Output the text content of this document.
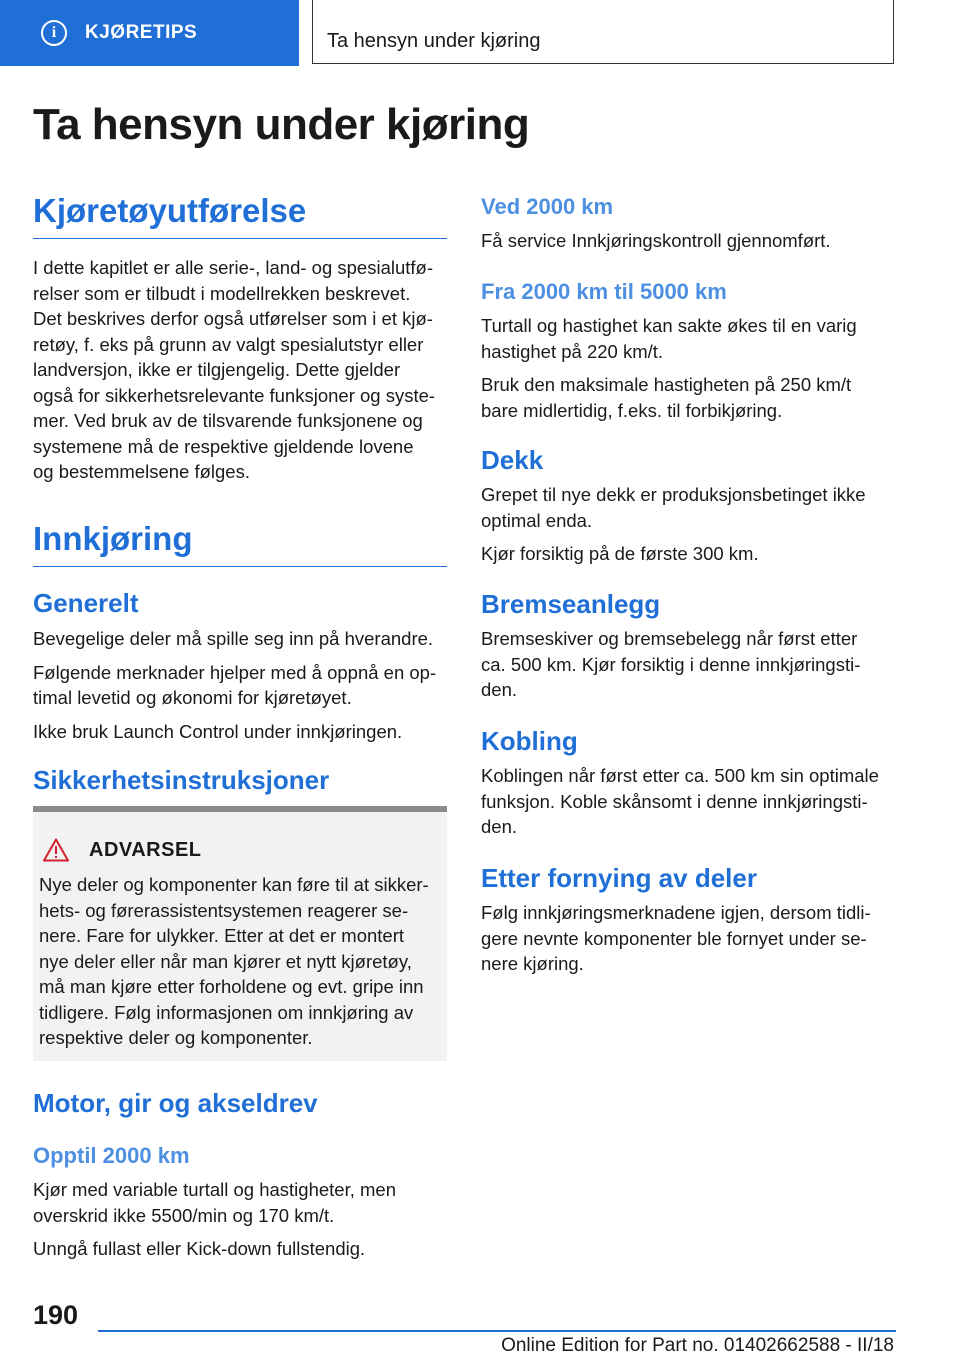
i	KJØRETIPS	Ta hensyn under kjøring
Ta hensyn under kjøring
Kjøretøyutførelse
I dette kapitlet er alle serie-, land- og spesialutfø-
relser som er tilbudt i modellrekken beskrevet.
Det beskrives derfor også utførelser som i et kjø-
retøy, f. eks på grunn av valgt spesialutstyr eller
landversjon, ikke er tilgjengelig. Dette gjelder
også for sikkerhetsrelevante funksjoner og syste-
mer. Ved bruk av de tilsvarende funksjonene og
systemene må de respektive gjeldende lovene
og bestemmelsene følges.
Innkjøring
Generelt
Bevegelige deler må spille seg inn på hverandre.
Følgende merknader hjelper med å oppnå en op-
timal levetid og økonomi for kjøretøyet.
Ikke bruk Launch Control under innkjøringen.
Sikkerhetsinstruksjoner
ADVARSEL
Nye deler og komponenter kan føre til at sikker-
hets- og førerassistentsystemen reagerer se-
nere. Fare for ulykker. Etter at det er montert
nye deler eller når man kjører et nytt kjøretøy,
må man kjøre etter forholdene og evt. gripe inn
tidligere. Følg informasjonen om innkjøring av
respektive deler og komponenter.
Motor, gir og akseldrev
Opptil 2000 km
Kjør med variable turtall og hastigheter, men
overskrid ikke 5500/min og 170 km/t.
Unngå fullast eller Kick-down fullstendig.
Ved 2000 km
Få service Innkjøringskontroll gjennomført.
Fra 2000 km til 5000 km
Turtall og hastighet kan sakte økes til en varig
hastighet på 220 km/t.
Bruk den maksimale hastigheten på 250 km/t
bare midlertidig, f.eks. til forbikjøring.
Dekk
Grepet til nye dekk er produksjonsbetinget ikke
optimal enda.
Kjør forsiktig på de første 300 km.
Bremseanlegg
Bremseskiver og bremsebelegg når først etter
ca. 500 km. Kjør forsiktig i denne innkjøringsti-
den.
Kobling
Koblingen når først etter ca. 500 km sin optimale
funksjon. Koble skånsomt i denne innkjøringsti-
den.
Etter fornying av deler
Følg innkjøringsmerknadene igjen, dersom tidli-
gere nevnte komponenter ble fornyet under se-
nere kjøring.
190
Online Edition for Part no. 01402662588 - II/18
